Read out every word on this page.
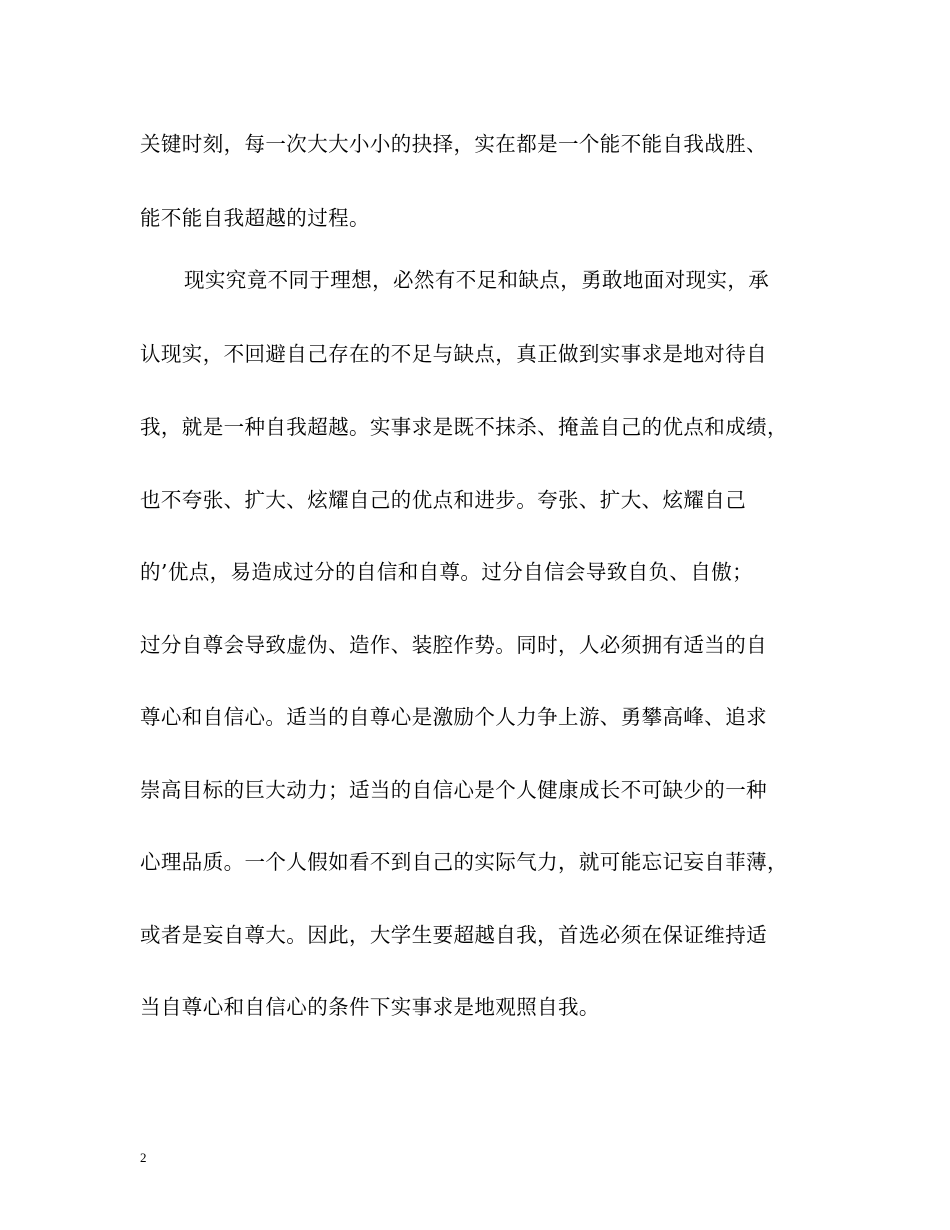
关键时刻，每一次大大小小的抉择，实在都是一个能不能自我战胜、
能不能自我超越的过程。
现实究竟不同于理想，必然有不足和缺点，勇敢地面对现实，承
认现实，不回避自己存在的不足与缺点，真正做到实事求是地对待自
我，就是一种自我超越。实事求是既不抹杀、掩盖自己的优点和成绩，
也不夸张、扩大、炫耀自己的优点和进步。夸张、扩大、炫耀自己
的’优点，易造成过分的自信和自尊。过分自信会导致自负、自傲；
过分自尊会导致虚伪、造作、装腔作势。同时，人必须拥有适当的自
尊心和自信心。适当的自尊心是激励个人力争上游、勇攀高峰、追求
崇高目标的巨大动力；适当的自信心是个人健康成长不可缺少的一种
心理品质。一个人假如看不到自己的实际气力，就可能忘记妄自菲薄，
或者是妄自尊大。因此，大学生要超越自我，首选必须在保证维持适
当自尊心和自信心的条件下实事求是地观照自我。
2
